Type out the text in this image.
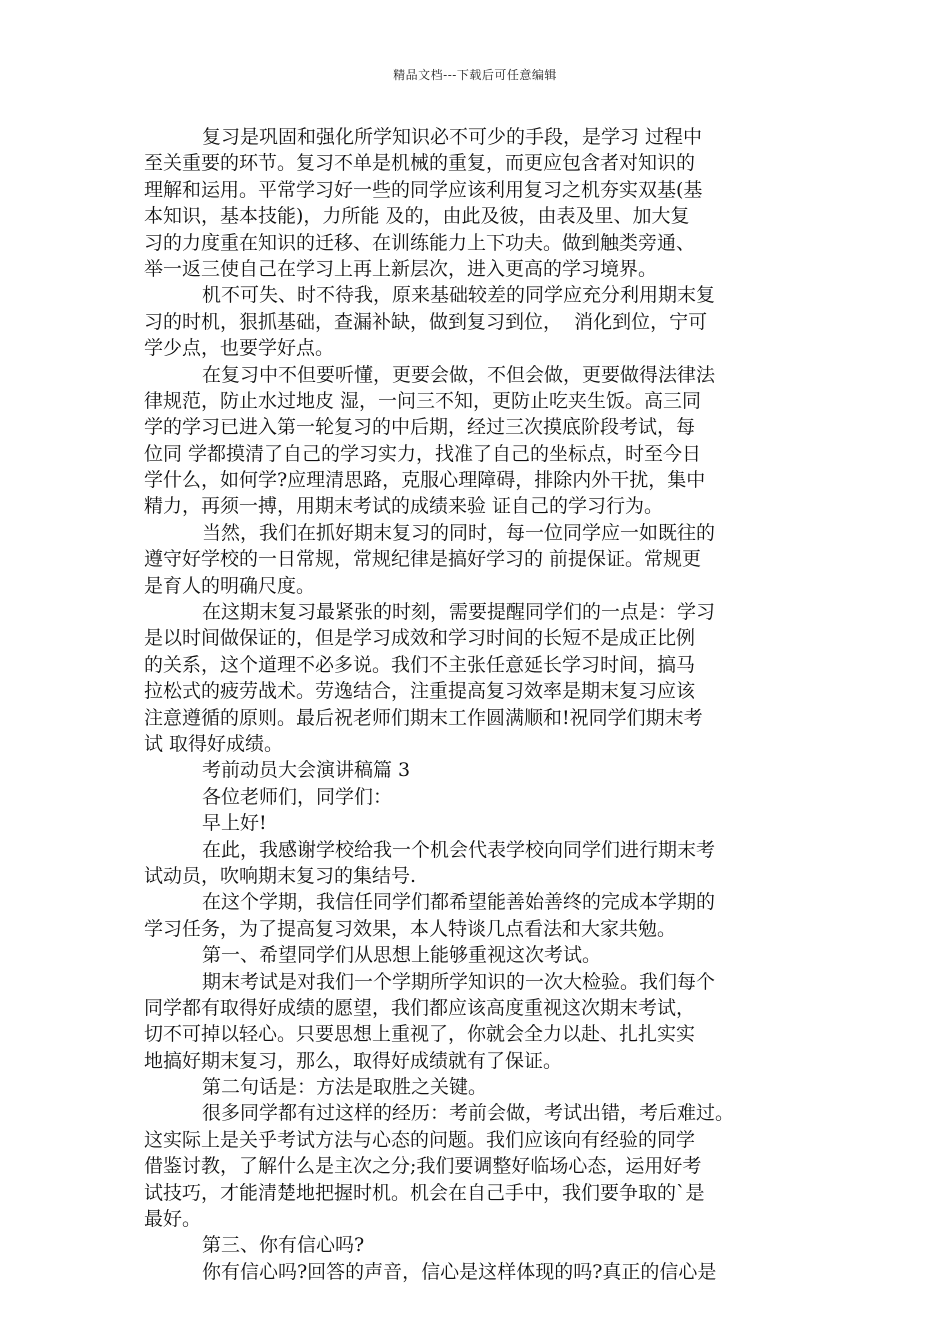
精品文档---下载后可任意编辑
复习是巩固和强化所学知识必不可少的手段，是学习 过程中
至关重要的环节。复习不单是机械的重复，而更应包含者对知识的
理解和运用。平常学习好一些的同学应该利用复习之机夯实双基(基
本知识，基本技能)，力所能 及的，由此及彼，由表及里、加大复
习的力度重在知识的迁移、在训练能力上下功夫。做到触类旁通、
举一返三使自己在学习上再上新层次，进入更高的学习境界。
机不可失、时不待我，原来基础较差的同学应充分利用期末复
习的时机，狠抓基础，查漏补缺，做到复习到位，  消化到位，宁可
学少点，也要学好点。
在复习中不但要听懂，更要会做，不但会做，更要做得法律法
律规范，防止水过地皮 湿，一问三不知，更防止吃夹生饭。高三同
学的学习已进入第一轮复习的中后期，经过三次摸底阶段考试，每
位同 学都摸清了自己的学习实力，找准了自己的坐标点，时至今日
学什么，如何学?应理清思路，克服心理障碍，排除内外干扰，集中
精力，再须一搏，用期末考试的成绩来验 证自己的学习行为。
当然，我们在抓好期末复习的同时，每一位同学应一如既往的
遵守好学校的一日常规，常规纪律是搞好学习的 前提保证。常规更
是育人的明确尺度。
在这期末复习最紧张的时刻，需要提醒同学们的一点是：学习
是以时间做保证的，但是学习成效和学习时间的长短不是成正比例
的关系，这个道理不必多说。我们不主张任意延长学习时间，搞马
拉松式的疲劳战术。劳逸结合，注重提高复习效率是期末复习应该
注意遵循的原则。最后祝老师们期末工作圆满顺和!祝同学们期末考
试 取得好成绩。
考前动员大会演讲稿篇 3
各位老师们，同学们：
早上好!
在此，我感谢学校给我一个机会代表学校向同学们进行期末考
试动员，吹响期末复习的集结号.
在这个学期，我信任同学们都希望能善始善终的完成本学期的
学习任务，为了提高复习效果，本人特谈几点看法和大家共勉。
第一、希望同学们从思想上能够重视这次考试。
期末考试是对我们一个学期所学知识的一次大检验。我们每个
同学都有取得好成绩的愿望，我们都应该高度重视这次期末考试，
切不可掉以轻心。只要思想上重视了，你就会全力以赴、扎扎实实
地搞好期末复习，那么，取得好成绩就有了保证。
第二句话是：方法是取胜之关键。
很多同学都有过这样的经历：考前会做，考试出错，考后难过。
这实际上是关乎考试方法与心态的问题。我们应该向有经验的同学
借鉴讨教，了解什么是主次之分;我们要调整好临场心态，运用好考
试技巧，才能清楚地把握时机。机会在自己手中，我们要争取的`是
最好。
第三、你有信心吗?
你有信心吗?回答的声音，信心是这样体现的吗?真正的信心是
